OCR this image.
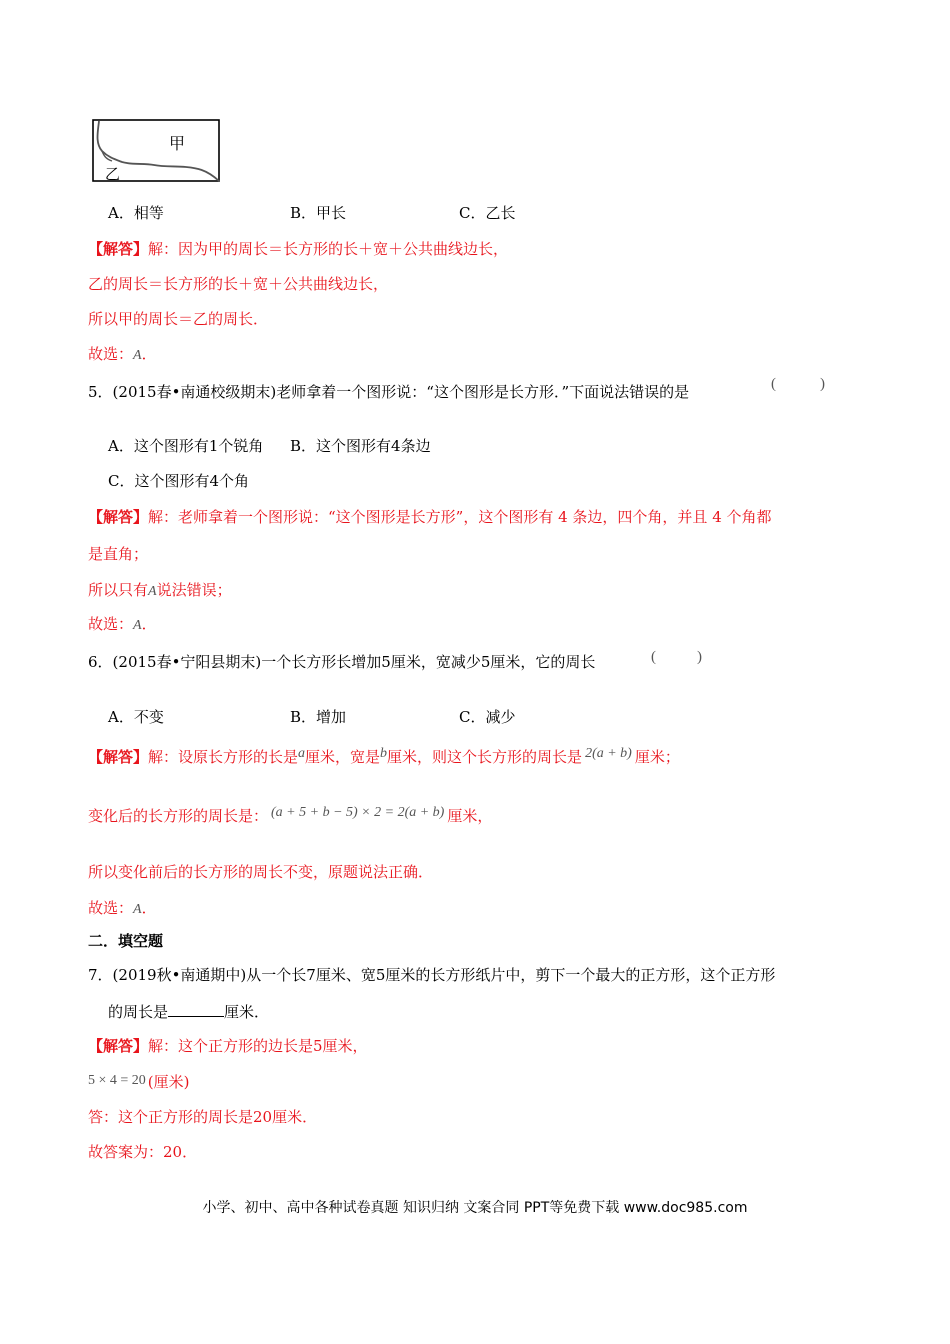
甲
乙
A．相等	B．甲长	C．乙长
【解答】解：因为甲的周长＝长方形的长＋宽＋公共曲线边长，
乙的周长＝长方形的长＋宽＋公共曲线边长，
所以甲的周长＝乙的周长．
故选：A．
5．(2015春•南通校级期末)老师拿着一个图形说：“这个图形是长方形．”下面说法错误的是	(	)
A．这个图形有1个锐角 B．这个图形有4条边
C．这个图形有4个角
【解答】解：老师拿着一个图形说：“这个图形是长方形”，这个图形有 4 条边，四个角，并且 4 个角都
是直角；
所以只有A说法错误；
故选：A．
6．(2015春•宁阳县期末)一个长方形长增加5厘米，宽减少5厘米，它的周长	(	)
A．不变	B．增加	C．减少
【解答】解：设原长方形的长是a厘米，宽是b厘米，则这个长方形的周长是 2(a + b) 厘米；
变化后的长方形的周长是： (a + 5 + b − 5) × 2 = 2(a + b) 厘米，
所以变化前后的长方形的周长不变，原题说法正确．
故选：A．
二．填空题
7．(2019秋•南通期中)从一个长7厘米、宽5厘米的长方形纸片中，剪下一个最大的正方形，这个正方形
的周长是	厘米．
【解答】解：这个正方形的边长是5厘米，
5 × 4 = 20 (厘米)
答：这个正方形的周长是20厘米．
故答案为：20．
小学、初中、高中各种试卷真题 知识归纳 文案合同 PPT等免费下载 www.doc985.com
